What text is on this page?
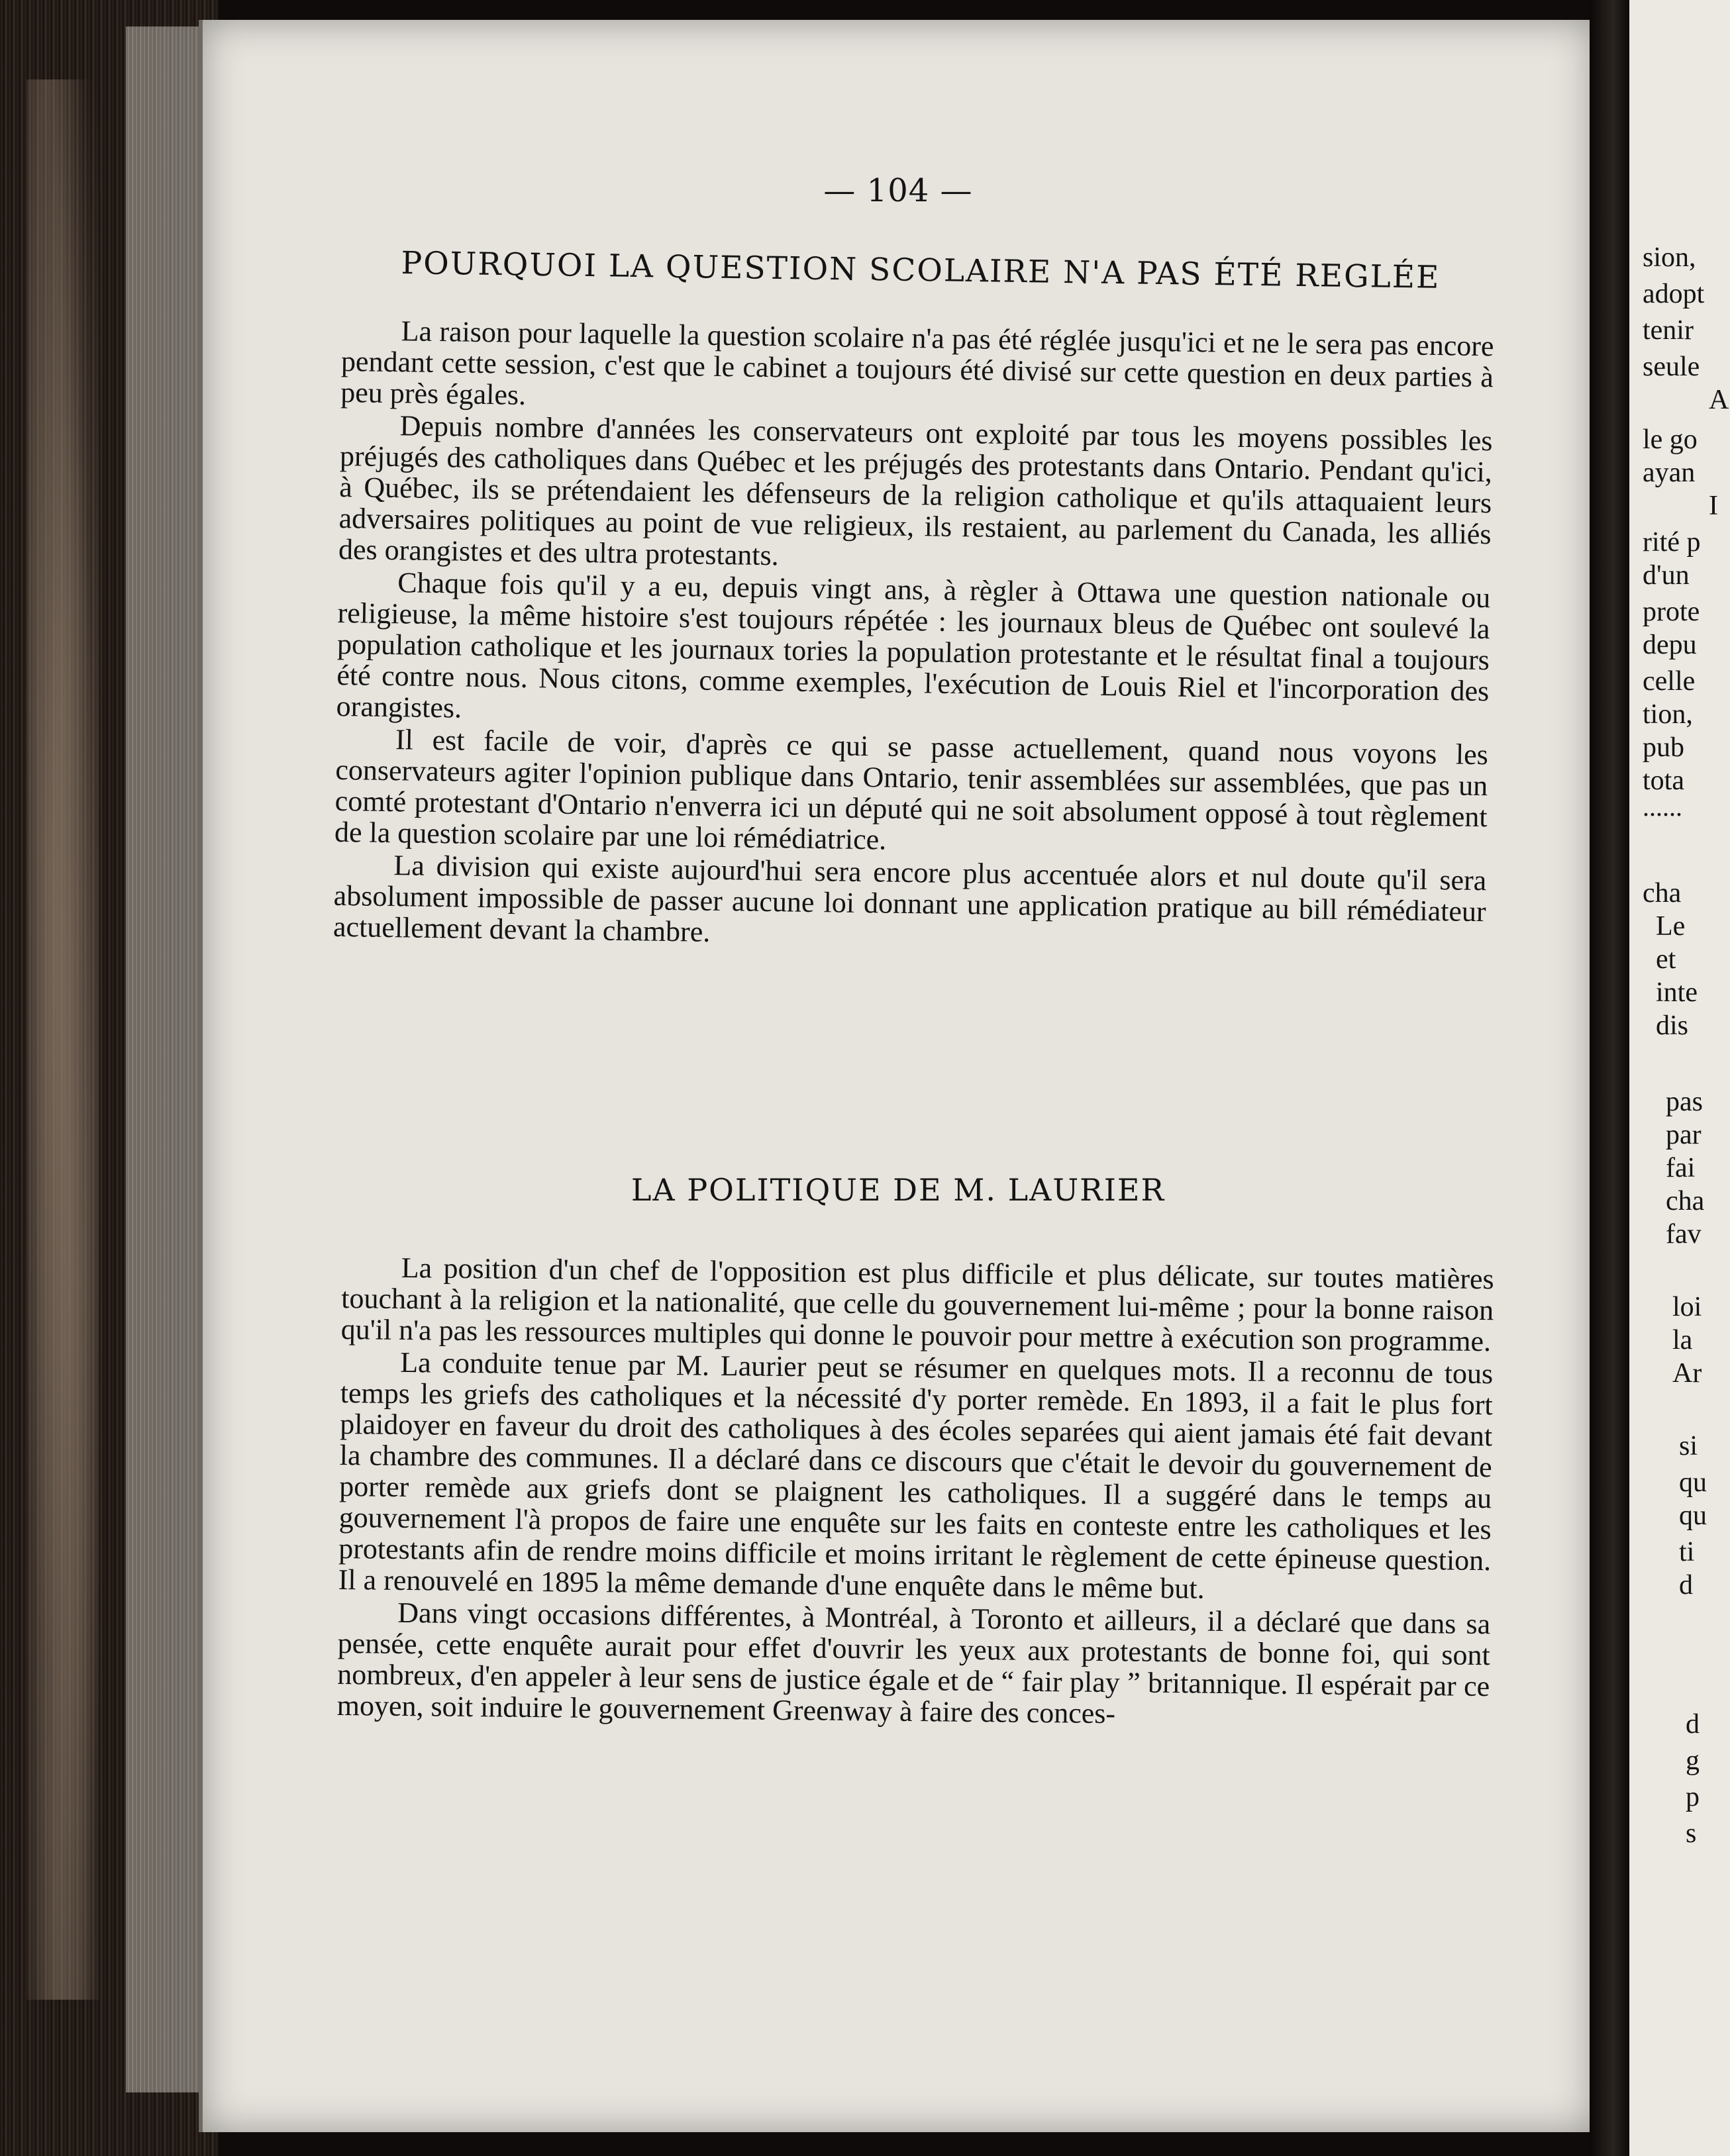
— 104 —
POURQUOI LA QUESTION SCOLAIRE N'A PAS ÉTÉ REGLÉE

La raison pour laquelle la question scolaire n'a pas été réglée jusqu'ici et ne le sera pas encore pendant cette session, c'est que le cabinet a toujours été divisé sur cette question en deux parties à peu près égales.

Depuis nombre d'années les conservateurs ont exploité par tous les moyens possibles les préjugés des catholiques dans Québec et les préjugés des protestants dans Ontario. Pendant qu'ici, à Québec, ils se prétendaient les défenseurs de la religion catholique et qu'ils attaquaient leurs adversaires politiques au point de vue religieux, ils restaient, au parlement du Canada, les alliés des orangistes et des ultra protestants.

Chaque fois qu'il y a eu, depuis vingt ans, à règler à Ottawa une question nationale ou religieuse, la même histoire s'est toujours répétée : les journaux bleus de Québec ont soulevé la population catholique et les journaux tories la population protestante et le résultat final a toujours été contre nous. Nous citons, comme exemples, l'exécution de Louis Riel et l'incorporation des orangistes.

Il est facile de voir, d'après ce qui se passe actuellement, quand nous voyons les conservateurs agiter l'opinion publique dans Ontario, tenir assemblées sur assemblées, que pas un comté protestant d'Ontario n'enverra ici un député qui ne soit absolument opposé à tout règlement de la question scolaire par une loi rémédiatrice.

La division qui existe aujourd'hui sera encore plus accentuée alors et nul doute qu'il sera absolument impossible de passer aucune loi donnant une application pratique au bill rémédiateur actuellement devant la chambre.

LA POLITIQUE DE M. LAURIER

La position d'un chef de l'opposition est plus difficile et plus délicate, sur toutes matières touchant à la religion et la nationalité, que celle du gouvernement lui-même ; pour la bonne raison qu'il n'a pas les ressources multiples qui donne le pouvoir pour mettre à exécution son programme.

La conduite tenue par M. Laurier peut se résumer en quelques mots. Il a reconnu de tous temps les griefs des catholiques et la nécessité d'y porter remède. En 1893, il a fait le plus fort plaidoyer en faveur du droit des catholiques à des écoles separées qui aient jamais été fait devant la chambre des communes. Il a déclaré dans ce discours que c'était le devoir du gouvernement de porter remède aux griefs dont se plaignent les catholiques. Il a suggéré dans le temps au gouvernement l'à propos de faire une enquête sur les faits en conteste entre les catholiques et les protestants afin de rendre moins difficile et moins irritant le règlement de cette épineuse question. Il a renouvelé en 1895 la même demande d'une enquête dans le même but.

Dans vingt occasions différentes, à Montréal, à Toronto et ailleurs, il a déclaré que dans sa pensée, cette enquête aurait pour effet d'ouvrir les yeux aux protestants de bonne foi, qui sont nombreux, d'en appeler à leur sens de justice égale et de “ fair play ” britannique. Il espérait par ce moyen, soit induire le gouvernement Greenway à faire des conces-

sion,
adopt
tenir
seule
A
le go
ayan
I
rité p
d'un
prote
depu
celle
tion,
pub
tota
......
cha
Le
et
inte
dis
pas
par
fai
cha
fav
loi
la
Ar
si
qu
qu
ti
d
d
g
p
s
